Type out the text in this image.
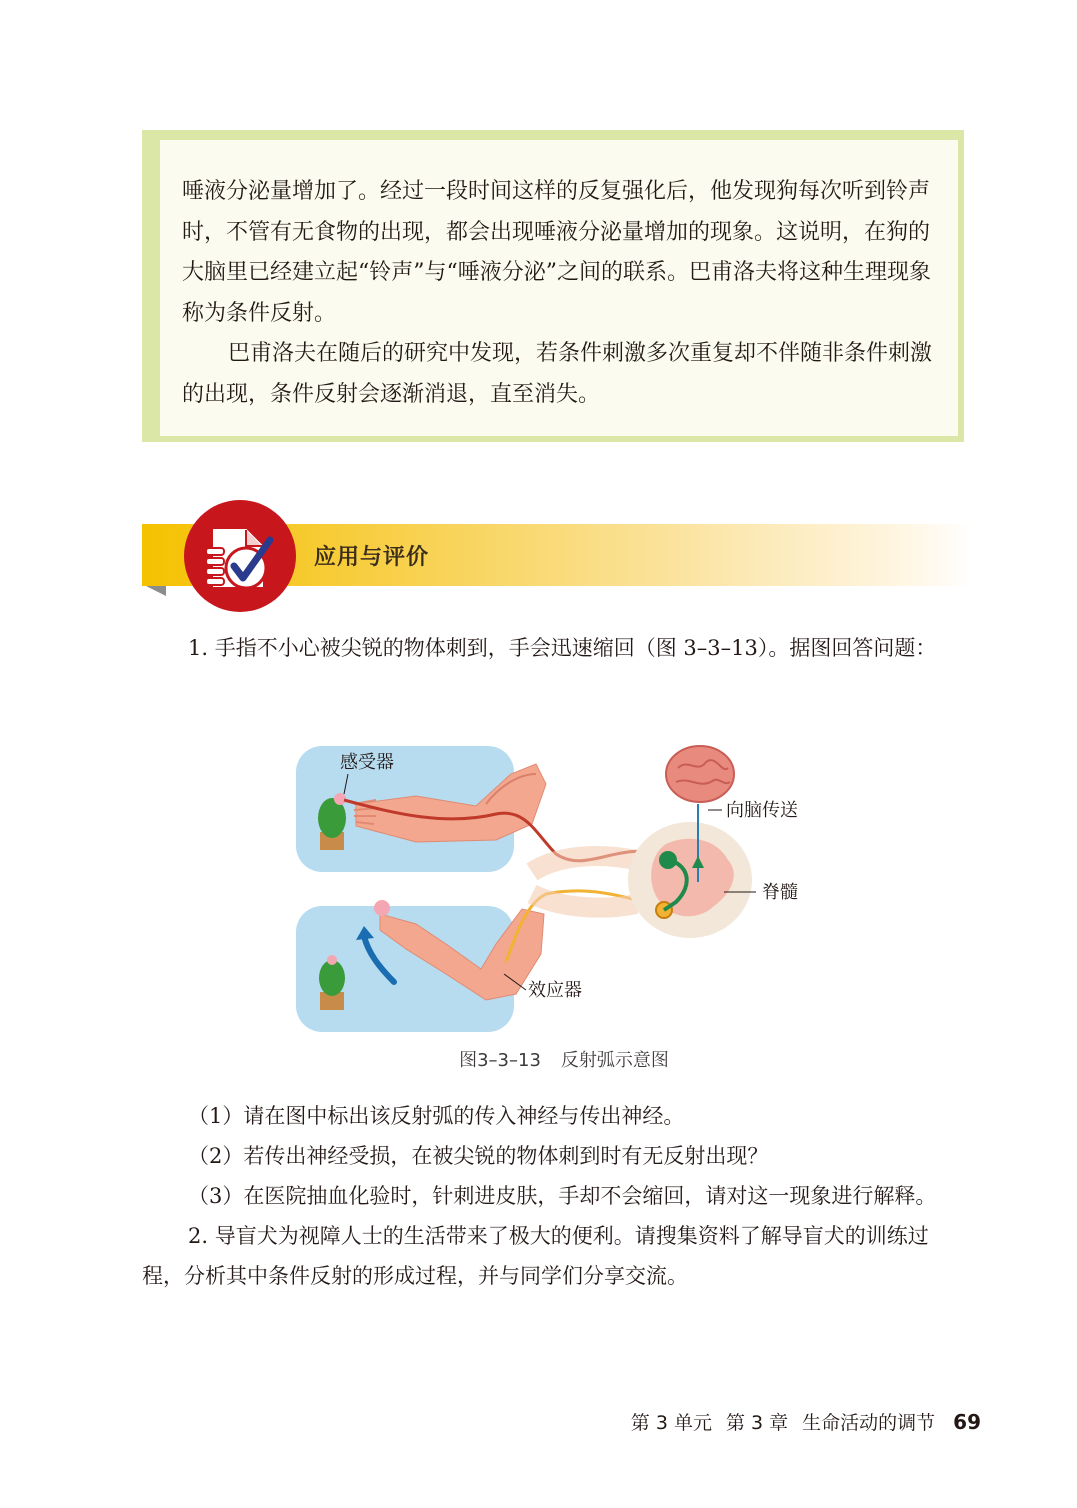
唾液分泌量增加了。经过一段时间这样的反复强化后，他发现狗每次听到铃声时，不管有无食物的出现，都会出现唾液分泌量增加的现象。这说明，在狗的大脑里已经建立起“铃声”与“唾液分泌”之间的联系。巴甫洛夫将这种生理现象称为条件反射。

巴甫洛夫在随后的研究中发现，若条件刺激多次重复却不伴随非条件刺激的出现，条件反射会逐渐消退，直至消失。

应用与评价

1. 手指不小心被尖锐的物体刺到，手会迅速缩回（图 3–3–13）。据图回答问题：

感受器
向脑传送
脊髓
效应器
图3–3–13 反射弧示意图

（1）请在图中标出该反射弧的传入神经与传出神经。

（2）若传出神经受损，在被尖锐的物体刺到时有无反射出现？

（3）在医院抽血化验时，针刺进皮肤，手却不会缩回，请对这一现象进行解释。

2. 导盲犬为视障人士的生活带来了极大的便利。请搜集资料了解导盲犬的训练过程，分析其中条件反射的形成过程，并与同学们分享交流。

第 3 单元 第 3 章 生命活动的调节 69
